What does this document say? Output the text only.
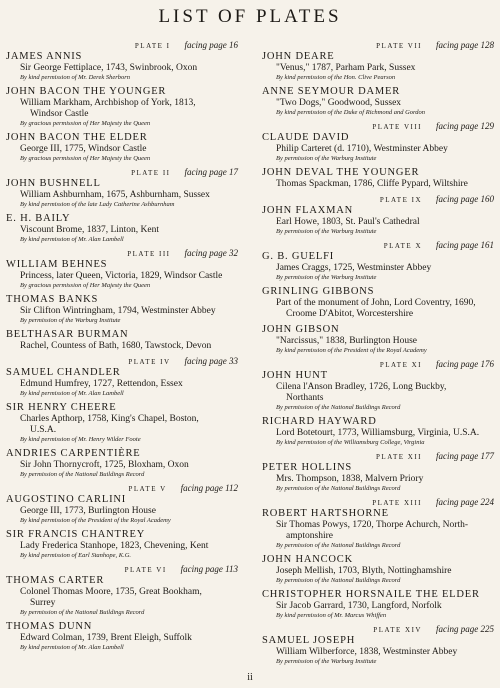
LIST OF PLATES
PLATE I facing page 16
JAMES ANNIS
Sir George Fettiplace, 1743, Swinbrook, Oxon
By kind permission of Mr. Derek Sherborn
JOHN BACON THE YOUNGER
William Markham, Archbishop of York, 1813,
Windsor Castle
By gracious permission of Her Majesty the Queen
JOHN BACON THE ELDER
George III, 1775, Windsor Castle
By gracious permission of Her Majesty the Queen
PLATE II facing page 17
JOHN BUSHNELL
William Ashburnham, 1675, Ashburnham, Sussex
By kind permission of the late Lady Catherine Ashburnham
E. H. BAILY
Viscount Brome, 1837, Linton, Kent
By kind permission of Mr. Alan Lambell
PLATE III facing page 32
WILLIAM BEHNES
Princess, later Queen, Victoria, 1829, Windsor Castle
By gracious permission of Her Majesty the Queen
THOMAS BANKS
Sir Clifton Wintringham, 1794, Westminster Abbey
By permission of the Warburg Institute
BELTHASAR BURMAN
Rachel, Countess of Bath, 1680, Tawstock, Devon
PLATE IV facing page 33
SAMUEL CHANDLER
Edmund Humfrey, 1727, Rettendon, Essex
By kind permission of Mr. Alan Lambell
SIR HENRY CHEERE
Charles Apthorp, 1758, King's Chapel, Boston,
U.S.A.
By kind permission of Mr. Henry Wilder Foote
ANDRIES CARPENTIÈRE
Sir John Thornycroft, 1725, Bloxham, Oxon
By permission of the National Buildings Record
PLATE V facing page 112
AUGOSTINO CARLINI
George III, 1773, Burlington House
By kind permission of the President of the Royal Academy
SIR FRANCIS CHANTREY
Lady Frederica Stanhope, 1823, Chevening, Kent
By kind permission of Earl Stanhope, K.G.
PLATE VI facing page 113
THOMAS CARTER
Colonel Thomas Moore, 1735, Great Bookham,
Surrey
By permission of the National Buildings Record
THOMAS DUNN
Edward Colman, 1739, Brent Eleigh, Suffolk
By kind permission of Mr. Alan Lambell
PLATE VII facing page 128
JOHN DEARE
"Venus," 1787, Parham Park, Sussex
By kind permission of the Hon. Clive Pearson
ANNE SEYMOUR DAMER
"Two Dogs," Goodwood, Sussex
By kind permission of the Duke of Richmond and Gordon
PLATE VIII facing page 129
CLAUDE DAVID
Philip Carteret (d. 1710), Westminster Abbey
By permission of the Warburg Institute
JOHN DEVAL THE YOUNGER
Thomas Spackman, 1786, Cliffe Pypard, Wiltshire
PLATE IX facing page 160
JOHN FLAXMAN
Earl Howe, 1803, St. Paul's Cathedral
By permission of the Warburg Institute
PLATE X facing page 161
G. B. GUELFI
James Craggs, 1725, Westminster Abbey
By permission of the Warburg Institute
GRINLING GIBBONS
Part of the monument of John, Lord Coventry, 1690,
Croome D'Abitot, Worcestershire
JOHN GIBSON
"Narcissus," 1838, Burlington House
By kind permission of the President of the Royal Academy
PLATE XI facing page 176
JOHN HUNT
Cilena l'Anson Bradley, 1726, Long Buckby,
Northants
By permission of the National Buildings Record
RICHARD HAYWARD
Lord Botetourt, 1773, Williamsburg, Virginia, U.S.A.
By kind permission of the Williamsburg College, Virginia
PLATE XII facing page 177
PETER HOLLINS
Mrs. Thompson, 1838, Malvern Priory
By permission of the National Buildings Record
PLATE XIII facing page 224
ROBERT HARTSHORNE
Sir Thomas Powys, 1720, Thorpe Achurch, North-
amptonshire
By permission of the National Buildings Record
JOHN HANCOCK
Joseph Mellish, 1703, Blyth, Nottinghamshire
By permission of the National Buildings Record
CHRISTOPHER HORSNAILE THE ELDER
Sir Jacob Garrard, 1730, Langford, Norfolk
By kind permission of Mr. Marcus Whiffen
PLATE XIV facing page 225
SAMUEL JOSEPH
William Wilberforce, 1838, Westminster Abbey
By permission of the Warburg Institute
ii
